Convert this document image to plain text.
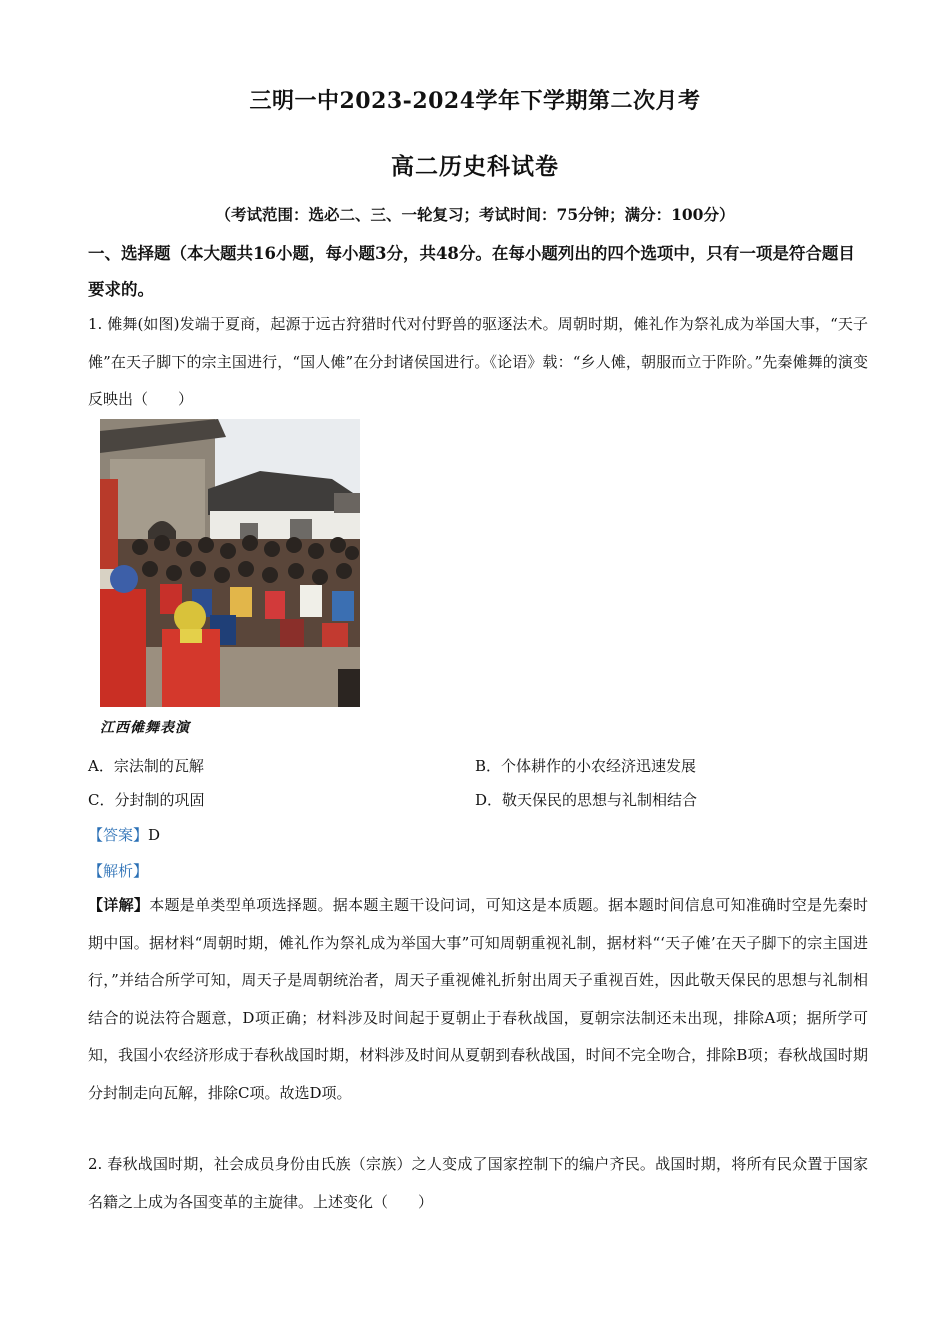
三明一中2023-2024学年下学期第二次月考
高二历史科试卷
（考试范围：选必二、三、一轮复习；考试时间：75分钟；满分：100分）
一、选择题（本大题共16小题，每小题3分，共48分。在每小题列出的四个选项中，只有一项是符合题目要求的。
1. 傩舞(如图)发端于夏商，起源于远古狩猎时代对付野兽的驱逐法术。周朝时期，傩礼作为祭礼成为举国大事，“天子傩”在天子脚下的宗主国进行，“国人傩”在分封诸侯国进行。《论语》载：“乡人傩，朝服而立于阼阶。”先秦傩舞的演变反映出（　　）
江西傩舞表演
A．宗法制的瓦解	B．个体耕作的小农经济迅速发展
C．分封制的巩固	D．敬天保民的思想与礼制相结合
【答案】D
【解析】
【详解】本题是单类型单项选择题。据本题主题干设问词，可知这是本质题。据本题时间信息可知准确时空是先秦时期中国。据材料“周朝时期，傩礼作为祭礼成为举国大事”可知周朝重视礼制，据材料“‘天子傩’在天子脚下的宗主国进行，”并结合所学可知，周天子是周朝统治者，周天子重视傩礼折射出周天子重视百姓，因此敬天保民的思想与礼制相结合的说法符合题意，D项正确；材料涉及时间起于夏朝止于春秋战国，夏朝宗法制还未出现，排除A项；据所学可知，我国小农经济形成于春秋战国时期，材料涉及时间从夏朝到春秋战国，时间不完全吻合，排除B项；春秋战国时期分封制走向瓦解，排除C项。故选D项。
2. 春秋战国时期，社会成员身份由氏族（宗族）之人变成了国家控制下的编户齐民。战国时期，将所有民众置于国家名籍之上成为各国变革的主旋律。上述变化（　　）
